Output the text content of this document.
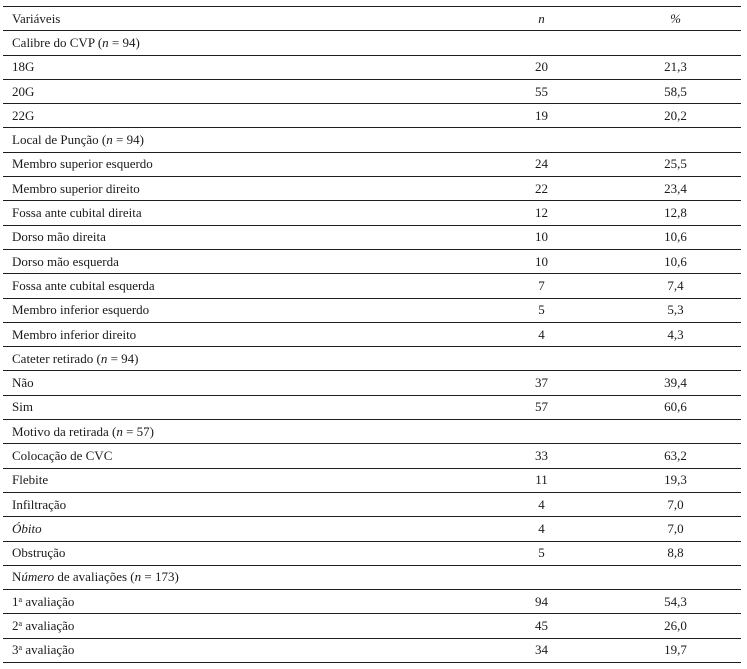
Variáveis	n	%
Calibre do CVP (n = 94)		
18G	20	21,3
20G	55	58,5
22G	19	20,2
Local de Punção (n = 94)		
Membro superior esquerdo	24	25,5
Membro superior direito	22	23,4
Fossa ante cubital direita	12	12,8
Dorso mão direita	10	10,6
Dorso mão esquerda	10	10,6
Fossa ante cubital esquerda	7	7,4
Membro inferior esquerdo	5	5,3
Membro inferior direito	4	4,3
Cateter retirado (n = 94)		
Não	37	39,4
Sim	57	60,6
Motivo da retirada (n = 57)		
Colocação de CVC	33	63,2
Flebite	11	19,3
Infiltração	4	7,0
Óbito	4	7,0
Obstrução	5	8,8
Número de avaliações (n = 173)		
1$^a$ avaliação	94	54,3
2$^a$ avaliação	45	26,0
3$^a$ avaliação	34	19,7
